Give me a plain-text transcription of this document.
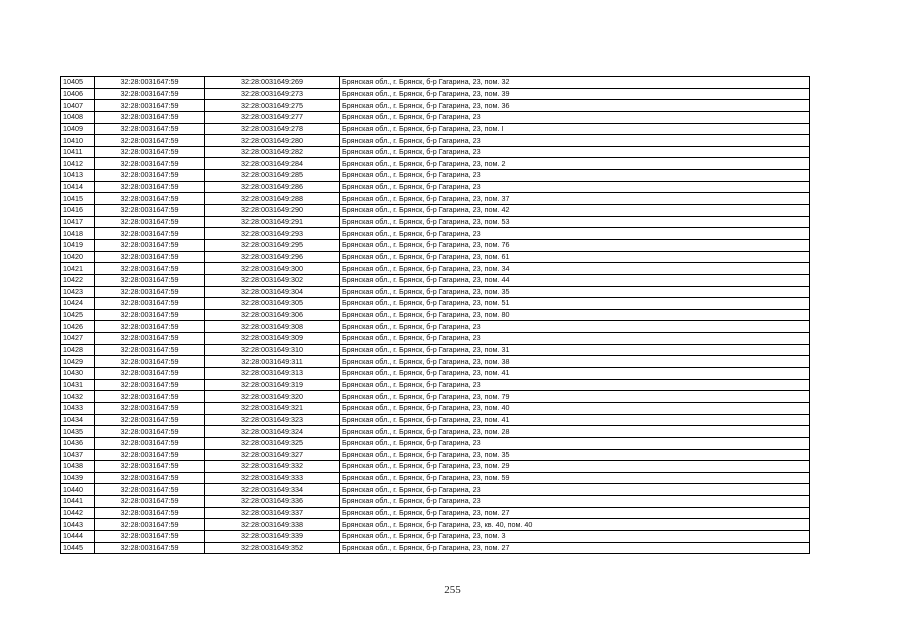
10405	32:28:0031647:59	32:28:0031649:269	Брянская обл., г. Брянск, б-р Гагарина, 23, пом. 32
10406	32:28:0031647:59	32:28:0031649:273	Брянская обл., г. Брянск, б-р Гагарина, 23, пом. 39
10407	32:28:0031647:59	32:28:0031649:275	Брянская обл., г. Брянск, б-р Гагарина, 23, пом. 36
10408	32:28:0031647:59	32:28:0031649:277	Брянская обл., г. Брянск, б-р Гагарина, 23
10409	32:28:0031647:59	32:28:0031649:278	Брянская обл., г. Брянск, б-р Гагарина, 23, пом. I
10410	32:28:0031647:59	32:28:0031649:280	Брянская обл., г. Брянск, б-р Гагарина, 23
10411	32:28:0031647:59	32:28:0031649:282	Брянская обл., г. Брянск, б-р Гагарина, 23
10412	32:28:0031647:59	32:28:0031649:284	Брянская обл., г. Брянск, б-р Гагарина, 23, пом. 2
10413	32:28:0031647:59	32:28:0031649:285	Брянская обл., г. Брянск, б-р Гагарина, 23
10414	32:28:0031647:59	32:28:0031649:286	Брянская обл., г. Брянск, б-р Гагарина, 23
10415	32:28:0031647:59	32:28:0031649:288	Брянская обл., г. Брянск, б-р Гагарина, 23, пом. 37
10416	32:28:0031647:59	32:28:0031649:290	Брянская обл., г. Брянск, б-р Гагарина, 23, пом. 42
10417	32:28:0031647:59	32:28:0031649:291	Брянская обл., г. Брянск, б-р Гагарина, 23, пом. 53
10418	32:28:0031647:59	32:28:0031649:293	Брянская обл., г. Брянск, б-р Гагарина, 23
10419	32:28:0031647:59	32:28:0031649:295	Брянская обл., г. Брянск, б-р Гагарина, 23, пом. 76
10420	32:28:0031647:59	32:28:0031649:296	Брянская обл., г. Брянск, б-р Гагарина, 23, пом. 61
10421	32:28:0031647:59	32:28:0031649:300	Брянская обл., г. Брянск, б-р Гагарина, 23, пом. 34
10422	32:28:0031647:59	32:28:0031649:302	Брянская обл., г. Брянск, б-р Гагарина, 23, пом. 44
10423	32:28:0031647:59	32:28:0031649:304	Брянская обл., г. Брянск, б-р Гагарина, 23, пом. 35
10424	32:28:0031647:59	32:28:0031649:305	Брянская обл., г. Брянск, б-р Гагарина, 23, пом. 51
10425	32:28:0031647:59	32:28:0031649:306	Брянская обл., г. Брянск, б-р Гагарина, 23, пом. 80
10426	32:28:0031647:59	32:28:0031649:308	Брянская обл., г. Брянск, б-р Гагарина, 23
10427	32:28:0031647:59	32:28:0031649:309	Брянская обл., г. Брянск, б-р Гагарина, 23
10428	32:28:0031647:59	32:28:0031649:310	Брянская обл., г. Брянск, б-р Гагарина, 23, пом. 31
10429	32:28:0031647:59	32:28:0031649:311	Брянская обл., г. Брянск, б-р Гагарина, 23, пом. 38
10430	32:28:0031647:59	32:28:0031649:313	Брянская обл., г. Брянск, б-р Гагарина, 23, пом. 41
10431	32:28:0031647:59	32:28:0031649:319	Брянская обл., г. Брянск, б-р Гагарина, 23
10432	32:28:0031647:59	32:28:0031649:320	Брянская обл., г. Брянск, б-р Гагарина, 23, пом. 79
10433	32:28:0031647:59	32:28:0031649:321	Брянская обл., г. Брянск, б-р Гагарина, 23, пом. 40
10434	32:28:0031647:59	32:28:0031649:323	Брянская обл., г. Брянск, б-р Гагарина, 23, пом. 41
10435	32:28:0031647:59	32:28:0031649:324	Брянская обл., г. Брянск, б-р Гагарина, 23, пом. 28
10436	32:28:0031647:59	32:28:0031649:325	Брянская обл., г. Брянск, б-р Гагарина, 23
10437	32:28:0031647:59	32:28:0031649:327	Брянская обл., г. Брянск, б-р Гагарина, 23, пом. 35
10438	32:28:0031647:59	32:28:0031649:332	Брянская обл., г. Брянск, б-р Гагарина, 23, пом. 29
10439	32:28:0031647:59	32:28:0031649:333	Брянская обл., г. Брянск, б-р Гагарина, 23, пом. 59
10440	32:28:0031647:59	32:28:0031649:334	Брянская обл., г. Брянск, б-р Гагарина, 23
10441	32:28:0031647:59	32:28:0031649:336	Брянская обл., г. Брянск, б-р Гагарина, 23
10442	32:28:0031647:59	32:28:0031649:337	Брянская обл., г. Брянск, б-р Гагарина, 23, пом. 27
10443	32:28:0031647:59	32:28:0031649:338	Брянская обл., г. Брянск, б-р Гагарина, 23, кв. 40, пом. 40
10444	32:28:0031647:59	32:28:0031649:339	Брянская обл., г. Брянск, б-р Гагарина, 23, пом. 3
10445	32:28:0031647:59	32:28:0031649:352	Брянская обл., г. Брянск, б-р Гагарина, 23, пом. 27
255
